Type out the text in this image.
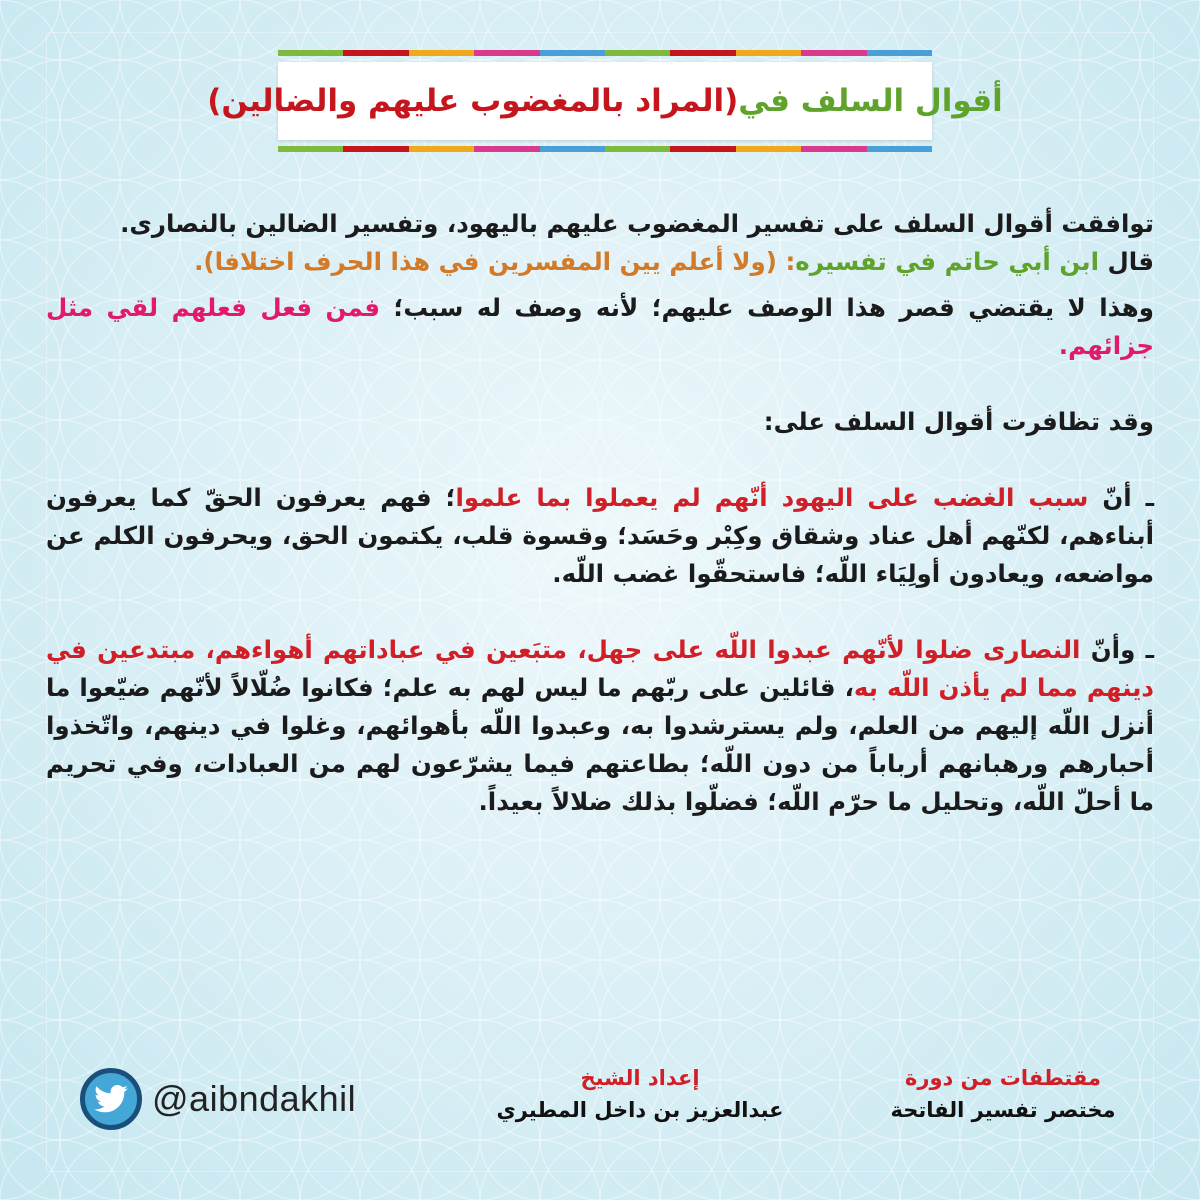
أقوال السلف في
(المراد بالمغضوب عليهم والضالين)

توافقت أقوال السلف على تفسير المغضوب عليهم باليهود، وتفسير الضالين بالنصارى.

قال ابن أبي حاتم في تفسيره: (ولا أعلم يين المفسرين في هذا الحرف اختلافا).

وهذا لا يقتضي قصر هذا الوصف عليهم؛ لأنه وصف له سبب؛ فمن فعل فعلهم لقي مثل جزائهم.

وقد تظافرت أقوال السلف على:

ـ أنّ سبب الغضب على اليهود أنّهم لم يعملوا بما علموا؛ فهم يعرفون الحقّ كما يعرفون أبناءهم، لكنّهم أهل عناد وشقاق وكِبْر وحَسَد؛ وقسوة قلب، يكتمون الحق، ويحرفون الكلم عن مواضعه، ويعادون أولِيَاء اللّه؛ فاستحقّوا غضب اللّه.

ـ وأنّ النصارى ضلوا لأنّهم عبدوا اللّه على جهل، متبَعين في عباداتهم أهواءهم، مبتدعين في دينهم مما لم يأذن اللّه به، قائلين على ربّهم ما ليس لهم به علم؛ فكانوا ضُلّالاً لأنّهم ضيّعوا ما أنزل اللّه إليهم من العلم، ولم يسترشدوا به، وعبدوا اللّه بأهوائهم، وغلوا في دينهم، واتّخذوا أحبارهم ورهبانهم أرباباً من دون اللّه؛ بطاعتهم فيما يشرّعون لهم من العبادات، وفي تحريم ما أحلّ اللّه، وتحليل ما حرّم اللّه؛ فضلّوا بذلك ضلالاً بعيداً.

مقتطفات من دورة
مختصر تفسير الفاتحة
إعداد الشيخ
عبدالعزيز بن داخل المطيري
@aibndakhil
